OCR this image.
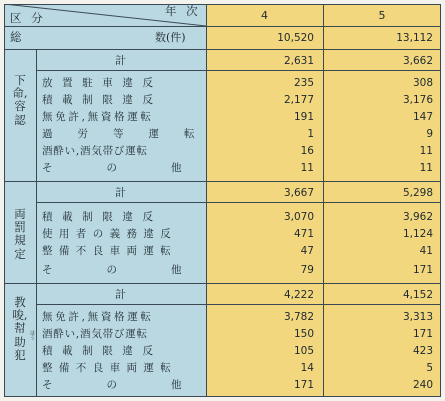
年 次
区 分	4	5
総	数(件)	10,520	13,112
下命,容認
計	2,631	3,662
放置駐車違反	235	308
積載制限違反	2,177	3,176
無免許,無資格運転	191	147
過労等運転	1	9
酒酔い,酒気帯び運転	16	11
その他	11	11
両罰規定
計	3,667	5,298
積載制限違反	3,070	3,962
使用者の義務違反	471	1,124
整備不良車両運転	47	41
その他	79	171
教唆,幇助犯
ほう
計	4,222	4,152
無免許,無資格運転	3,782	3,313
酒酔い,酒気帯び運転	150	171
積載制限違反	105	423
整備不良車両運転	14	5
その他	171	240
